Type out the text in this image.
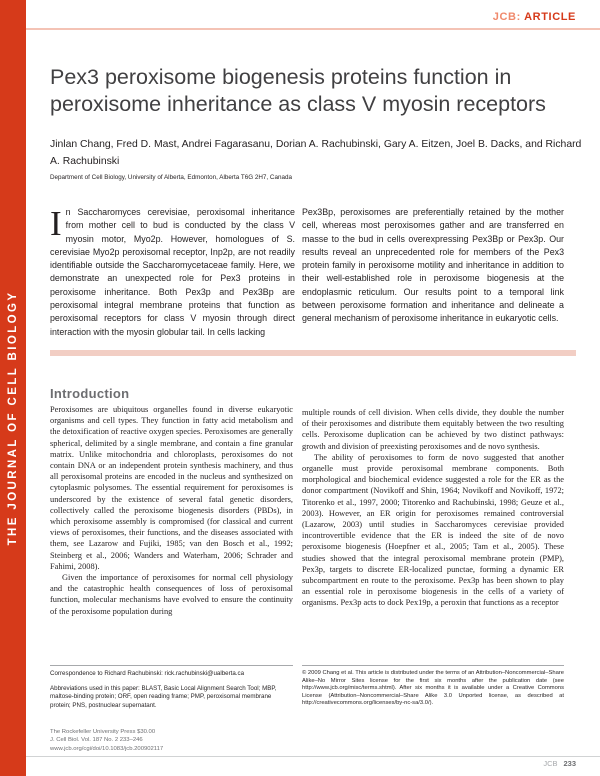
THE JOURNAL OF CELL BIOLOGY
JCB: ARTICLE
Pex3 peroxisome biogenesis proteins function in peroxisome inheritance as class V myosin receptors
Jinlan Chang, Fred D. Mast, Andrei Fagarasanu, Dorian A. Rachubinski, Gary A. Eitzen, Joel B. Dacks, and Richard A. Rachubinski
Department of Cell Biology, University of Alberta, Edmonton, Alberta T6G 2H7, Canada

In Saccharomyces cerevisiae, peroxisomal inheritance from mother cell to bud is conducted by the class V myosin motor, Myo2p. However, homologues of S. cerevisiae Myo2p peroxisomal receptor, Inp2p, are not readily identifiable outside the Saccharomycetaceae family. Here, we demonstrate an unexpected role for Pex3 proteins in peroxisome inheritance. Both Pex3p and Pex3Bp are peroxisomal integral membrane proteins that function as peroxisomal receptors for class V myosin through direct interaction with the myosin globular tail. In cells lacking

Pex3Bp, peroxisomes are preferentially retained by the mother cell, whereas most peroxisomes gather and are transferred en masse to the bud in cells overexpressing Pex3Bp or Pex3p. Our results reveal an unprecedented role for members of the Pex3 protein family in peroxisome motility and inheritance in addition to their well-established role in peroxisome biogenesis at the endoplasmic reticulum. Our results point to a temporal link between peroxisome formation and inheritance and delineate a general mechanism of peroxisome inheritance in eukaryotic cells.

Introduction

Peroxisomes are ubiquitous organelles found in diverse eukaryotic organisms and cell types. They function in fatty acid metabolism and the detoxification of reactive oxygen species. Peroxisomes are generally spherical, delimited by a single membrane, and contain a fine granular matrix. Unlike mitochondria and chloroplasts, peroxisomes do not contain DNA or an independent protein synthesis machinery, and thus all peroxisomal proteins are encoded in the nucleus and synthesized on cytoplasmic polysomes. The essential requirement for peroxisomes is underscored by the existence of several fatal genetic disorders, collectively called the peroxisome biogenesis disorders (PBDs), in which peroxisome assembly is compromised (for classical and current views of peroxisomes, their functions, and the diseases associated with them, see Lazarow and Fujiki, 1985; van den Bosch et al., 1992; Steinberg et al., 2006; Wanders and Waterham, 2006; Schrader and Fahimi, 2008).

Given the importance of peroxisomes for normal cell physiology and the catastrophic health consequences of loss of peroxisomal function, molecular mechanisms have evolved to ensure the continuity of the peroxisome population during

multiple rounds of cell division. When cells divide, they double the number of their peroxisomes and distribute them equitably between the two resulting cells. Peroxisome duplication can be achieved by two distinct pathways: growth and division of preexisting peroxisomes and de novo synthesis.

The ability of peroxisomes to form de novo suggested that another organelle must provide peroxisomal membrane components. Both morphological and biochemical evidence suggested a role for the ER as the donor compartment (Novikoff and Shin, 1964; Novikoff and Novikoff, 1972; Titorenko et al., 1997, 2000; Titorenko and Rachubinski, 1998; Geuze et al., 2003). However, an ER origin for peroxisomes remained controversial (Lazarow, 2003) until studies in Saccharomyces cerevisiae provided incontrovertible evidence that the ER is indeed the site of de novo peroxisome biogenesis (Hoepfner et al., 2005; Tam et al., 2005). These studies showed that the integral peroxisomal membrane protein (PMP), Pex3p, targets to discrete ER-localized punctae, forming a dynamic ER subcompartment en route to the peroxisome. Pex3p has been shown to play an essential role in peroxisome biogenesis in the cells of a variety of organisms. Pex3p acts to dock Pex19p, a peroxin that functions as a receptor

Correspondence to Richard Rachubinski: rick.rachubinski@ualberta.ca
Abbreviations used in this paper: BLAST, Basic Local Alignment Search Tool; MBP, maltose-binding protein; ORF, open reading frame; PMP, peroxisomal membrane protein; PNS, postnuclear supernatant.
© 2009 Chang et al. This article is distributed under the terms of an Attribution–Noncommercial–Share Alike–No Mirror Sites license for the first six months after the publication date (see http://www.jcb.org/misc/terms.shtml). After six months it is available under a Creative Commons License (Attribution–Noncommercial–Share Alike 3.0 Unported license, as described at http://creativecommons.org/licenses/by-nc-sa/3.0/).
The Rockefeller University Press $30.00
J. Cell Biol. Vol. 187 No. 2 233–246
www.jcb.org/cgi/doi/10.1083/jcb.200902117
JCB 233
